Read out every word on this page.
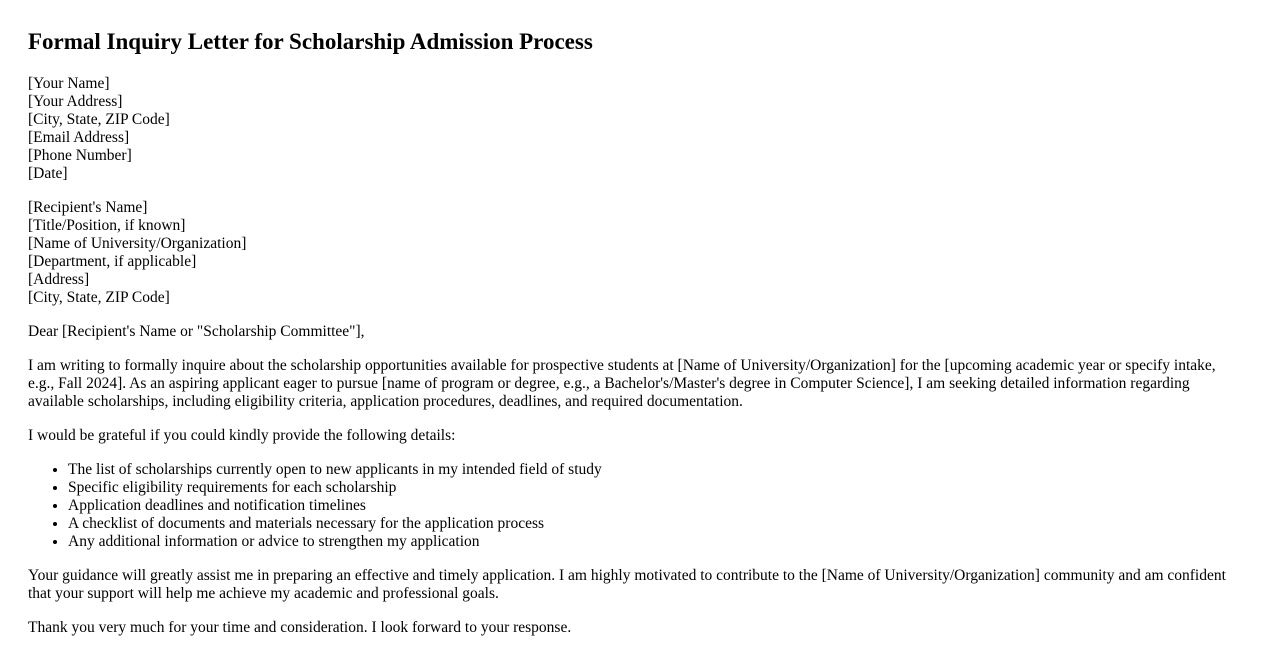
Formal Inquiry Letter for Scholarship Admission Process
[Your Name]
[Your Address]
[City, State, ZIP Code]
[Email Address]
[Phone Number]
[Date]
[Recipient's Name]
[Title/Position, if known]
[Name of University/Organization]
[Department, if applicable]
[Address]
[City, State, ZIP Code]

Dear [Recipient's Name or "Scholarship Committee"],

I am writing to formally inquire about the scholarship opportunities available for prospective students at [Name of University/Organization] for the [upcoming academic year or specify intake, e.g., Fall 2024]. As an aspiring applicant eager to pursue [name of program or degree, e.g., a Bachelor's/Master's degree in Computer Science], I am seeking detailed information regarding available scholarships, including eligibility criteria, application procedures, deadlines, and required documentation.

I would be grateful if you could kindly provide the following details:

• The list of scholarships currently open to new applicants in my intended field of study
• Specific eligibility requirements for each scholarship
• Application deadlines and notification timelines
• A checklist of documents and materials necessary for the application process
• Any additional information or advice to strengthen my application

Your guidance will greatly assist me in preparing an effective and timely application. I am highly motivated to contribute to the [Name of University/Organization] community and am confident that your support will help me achieve my academic and professional goals.

Thank you very much for your time and consideration. I look forward to your response.
